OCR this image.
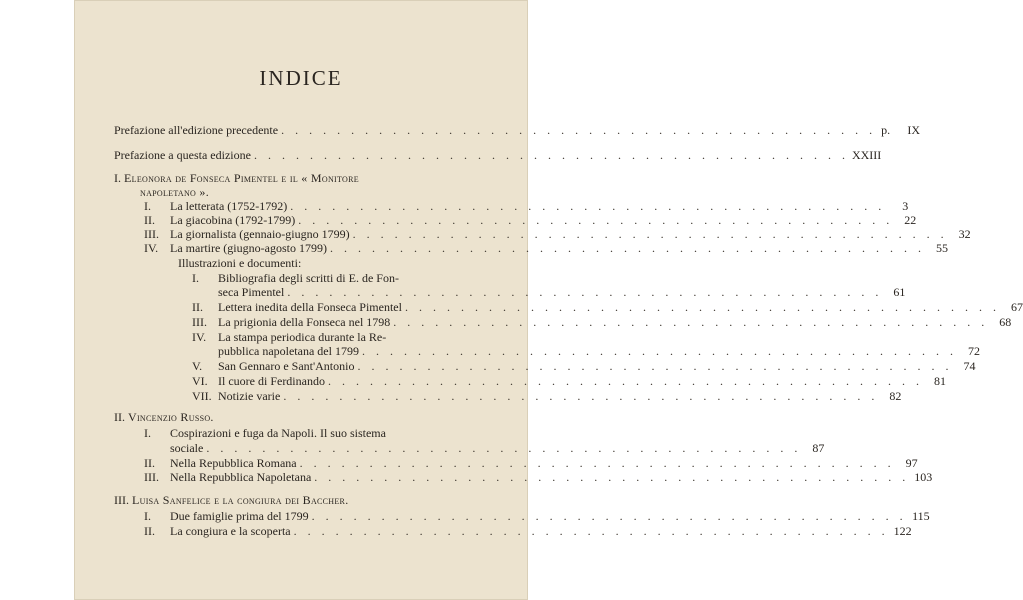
INDICE
Prefazione all'edizione precedente . . . . . . . . . . . . . . . . . . . . . . . . . . . . . . . . . . . . . . . . . . . p.	IX
Prefazione a questa edizione . . . . . . . . . . . . . . . . . . . . . . . . . . . . . . . . . . . . . . . . . . . XXIII
I. Eleonora de Fonseca Pimentel e il « Monitore
napoletano ».
I.	La letterata (1752-1792) . . . . . . . . . . . . . . . . . . . . . . . . . . . . . . . . . . . . . . . . . . .	3
II.	La giacobina (1792-1799) . . . . . . . . . . . . . . . . . . . . . . . . . . . . . . . . . . . . . . . . . . . 22
III. La giornalista (gennaio-giugno 1799) . . . . . . . . . . . . . . . . . . . . . . . . . . . . . . . . . . . . . . . . . . . 32
IV. La martire (giugno-agosto 1799) . . . . . . . . . . . . . . . . . . . . . . . . . . . . . . . . . . . . . . . . . . . 55
Illustrazioni e documenti:
I. Bibliografia degli scritti di E. de Fon-
seca Pimentel . . . . . . . . . . . . . . . . . . . . . . . . . . . . . . . . . . . . . . . . . . . 61
II.	Lettera inedita della Fonseca Pimentel . . . . . . . . . . . . . . . . . . . . . . . . . . . . . . . . . . . . . . . . . . . 67
III. La prigionia della Fonseca nel 1798 . . . . . . . . . . . . . . . . . . . . . . . . . . . . . . . . . . . . . . . . . . . 68
IV. La stampa periodica durante la Re-
pubblica napoletana del 1799 . . . . . . . . . . . . . . . . . . . . . . . . . . . . . . . . . . . . . . . . . . . 72
V.	San Gennaro e Sant'Antonio . . . . . . . . . . . . . . . . . . . . . . . . . . . . . . . . . . . . . . . . . . . 74
VI. Il cuore di Ferdinando . . . . . . . . . . . . . . . . . . . . . . . . . . . . . . . . . . . . . . . . . . . 81
VII. Notizie varie . . . . . . . . . . . . . . . . . . . . . . . . . . . . . . . . . . . . . . . . . . . 82
II. Vincenzio Russo.
I. Cospirazioni e fuga da Napoli. Il suo sistema
sociale . . . . . . . . . . . . . . . . . . . . . . . . . . . . . . . . . . . . . . . . . . . 87
II.	Nella Repubblica Romana . . . . . . . . . . . . . . . . . . . . . . . . . . . . . . . . . . . . . . . . . . . 97
III. Nella Repubblica Napoletana . . . . . . . . . . . . . . . . . . . . . . . . . . . . . . . . . . . . . . . . . . . 103
III. Luisa Sanfelice e la congiura dei Baccher.
I.	Due famiglie prima del 1799 . . . . . . . . . . . . . . . . . . . . . . . . . . . . . . . . . . . . . . . . . . . 115
II.	La congiura e la scoperta . . . . . . . . . . . . . . . . . . . . . . . . . . . . . . . . . . . . . . . . . . . 122
